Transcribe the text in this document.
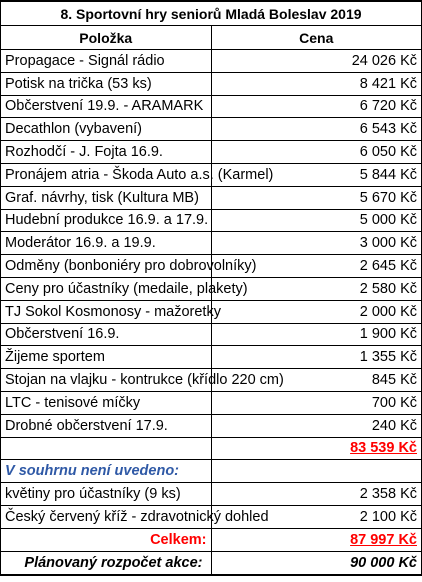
8. Sportovní hry seniorů Mladá Boleslav 2019	
Položka	Cena
Propagace - Signál rádio	24 026 Kč
Potisk na trička (53 ks)	8 421 Kč
Občerstvení 19.9. - ARAMARK	6 720 Kč
Decathlon (vybavení)	6 543 Kč
Rozhodčí - J. Fojta 16.9.	6 050 Kč
Pronájem atria - Škoda Auto a.s. (Karmel)	5 844 Kč
Graf. návrhy, tisk (Kultura MB)	5 670 Kč
Hudební produkce 16.9. a 17.9.	5 000 Kč
Moderátor 16.9. a 19.9.	3 000 Kč
Odměny (bonboniéry pro dobrovolníky)	2 645 Kč
Ceny pro účastníky (medaile, plakety)	2 580 Kč
TJ Sokol Kosmonosy - mažoretky	2 000 Kč
Občerstvení 16.9.	1 900 Kč
Žijeme sportem	1 355 Kč
Stojan na vlajku - kontrukce (křídlo 220 cm)	845 Kč
LTC - tenisové míčky	700 Kč
Drobné občerstvení 17.9.	240 Kč
	83 539 Kč
V souhrnu není uvedeno:	
květiny pro účastníky (9 ks)	2 358 Kč
Český červený kříž - zdravotnický dohled	2 100 Kč
Celkem:	87 997 Kč
Plánovaný rozpočet akce:	90 000 Kč
